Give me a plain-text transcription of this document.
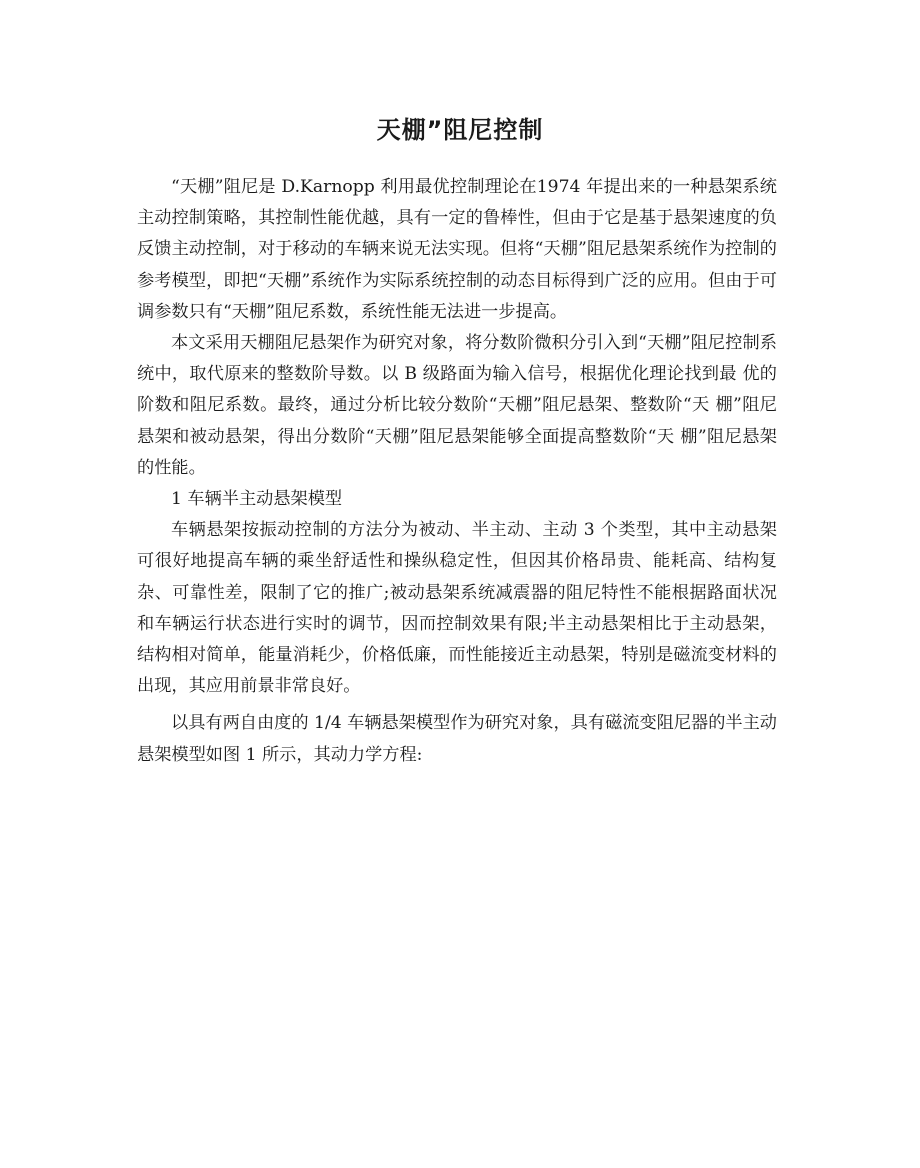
天棚”阻尼控制

“天棚”阻尼是 D.Karnopp 利用最优控制理论在1974 年提出来的一种悬架系统主动控制策略，其控制性能优越，具有一定的鲁棒性，但由于它是基于悬架速度的负反馈主动控制，对于移动的车辆来说无法实现。但将“天棚”阻尼悬架系统作为控制的参考模型，即把“天棚”系统作为实际系统控制的动态目标得到广泛的应用。但由于可调参数只有“天棚”阻尼系数，系统性能无法进一步提高。

本文采用天棚阻尼悬架作为研究对象，将分数阶微积分引入到“天棚”阻尼控制系统中，取代原来的整数阶导数。以 B 级路面为输入信号，根据优化理论找到最 优的阶数和阻尼系数。最终，通过分析比较分数阶“天棚”阻尼悬架、整数阶“天 棚”阻尼悬架和被动悬架，得出分数阶“天棚”阻尼悬架能够全面提高整数阶“天 棚”阻尼悬架的性能。

1 车辆半主动悬架模型

车辆悬架按振动控制的方法分为被动、半主动、主动 3 个类型，其中主动悬架可很好地提高车辆的乘坐舒适性和操纵稳定性，但因其价格昂贵、能耗高、结构复杂、可靠性差，限制了它的推广;被动悬架系统减震器的阻尼特性不能根据路面状况和车辆运行状态进行实时的调节，因而控制效果有限;半主动悬架相比于主动悬架，结构相对简单，能量消耗少，价格低廉，而性能接近主动悬架，特别是磁流变材料的出现，其应用前景非常良好。

以具有两自由度的 1/4 车辆悬架模型作为研究对象，具有磁流变阻尼器的半主动悬架模型如图 1 所示，其动力学方程:
